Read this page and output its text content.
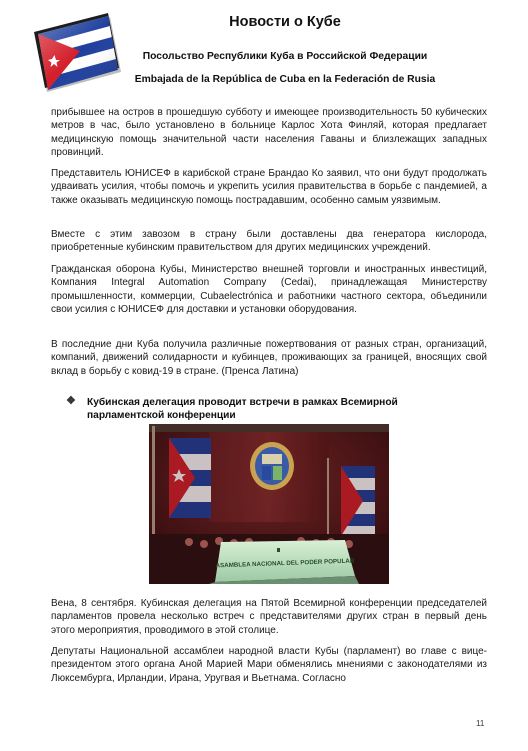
Новости о Кубе
Посольство Республики Куба в Российской Федерации
Embajada de la República de Cuba en la Federación de Rusia

прибывшее на остров в прошедшую субботу и имеющее производительность 50 кубических метров в час, было установлено в больнице Карлос Хота Финляй, которая предлагает медицинскую помощь значительной части населения Гаваны и близлежащих западных провинций.

Представитель ЮНИСЕФ в карибской стране Брандао Ко заявил, что они будут продолжать удваивать усилия, чтобы помочь и укрепить усилия правительства в борьбе с пандемией, а также оказывать медицинскую помощь пострадавшим, особенно самым уязвимым.

Вместе с этим завозом в страну были доставлены два генератора кислорода, приобретенные кубинским правительством для других медицинских учреждений.

Гражданская оборона Кубы, Министерство внешней торговли и иностранных инвестиций, Компания Integral Automation Company (Cedai), принадлежащая Министерству промышленности, коммерции, Cubaelectrónica и работники частного сектора, объединили свои усилия с ЮНИСЕФ для доставки и установки оборудования.

В последние дни Куба получила различные пожертвования от разных стран, организаций, компаний, движений солидарности и кубинцев, проживающих за границей, вносящих свой вклад в борьбу с ковид-19 в стране. (Пренса Латина)

❖ Кубинская делегация проводит встречи в рамках Всемирной парламентской конференции
ASAMBLEA NACIONAL DEL PODER POPULAR

Вена, 8 сентября. Кубинская делегация на Пятой Всемирной конференции председателей парламентов провела несколько встреч с представителями других стран в первый день этого мероприятия, проводимого в этой столице.

Депутаты Национальной ассамблеи народной власти Кубы (парламент) во главе с вице-президентом этого органа Аной Марией Мари обменялись мнениями с законодателями из Люксембурга, Ирландии, Ирана, Уругвая и Вьетнама. Согласно

11
